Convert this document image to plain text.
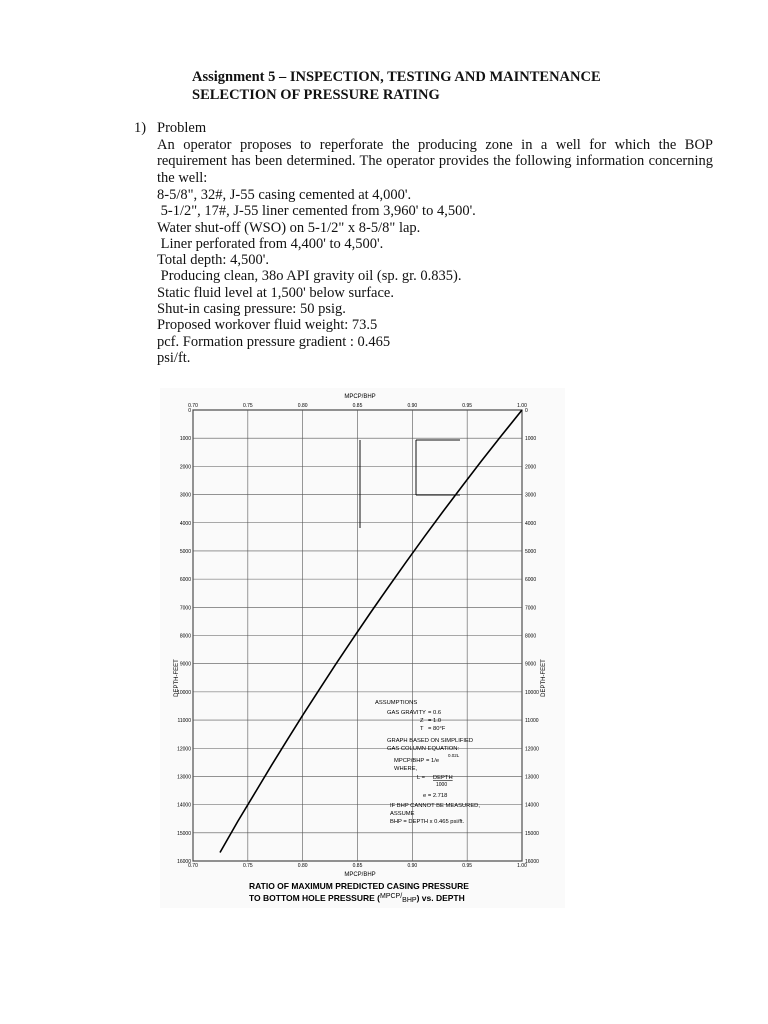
Assignment 5 – INSPECTION, TESTING AND MAINTENANCE
SELECTION OF PRESSURE RATING
1) Problem
An operator proposes to reperforate the producing zone in a well for which the BOP requirement has been determined. The operator provides the following information concerning the well:
8-5/8", 32#, J-55 casing cemented at 4,000'.
5-1/2", 17#, J-55 liner cemented from 3,960' to 4,500'.
Water shut-off (WSO) on 5-1/2" x 8-5/8" lap.
Liner perforated from 4,400' to 4,500'.
Total depth: 4,500'.
Producing clean, 38o API gravity oil (sp. gr. 0.835).
Static fluid level at 1,500' below surface.
Shut-in casing pressure: 50 psig.
Proposed workover fluid weight: 73.5
pcf. Formation pressure gradient : 0.465
psi/ft.
0.70
0.70
0.75
0.75
0.80
0.80
0.85
0.85
0.90
0.90
0.95
0.95
1.00
1.00
0	0
1000	1000
2000	2000
3000	3000
4000	4000
5000	5000
6000	6000
7000	7000
8000	8000
9000	9000
10000	10000
11000	11000
12000	12000
13000	13000
14000	14000
15000	15000
16000	16000
MPCP/BHP
MPCP/BHP
DEPTH-FEET	DEPTH-FEET
ASSUMPTIONS
GAS GRAVITY = 0.6
Z = 1.0
T = 80°F
GRAPH BASED ON SIMPLIFIED
GAS COLUMN EQUATION:
0.02L
MPCP/BHP = 1/e
WHERE,
L = DEPTH
1000
e = 2.718
IF BHP CANNOT BE MEASURED,
ASSUME
BHP = DEPTH x 0.465 psi/ft.
RATIO OF MAXIMUM PREDICTED CASING PRESSURE
TO BOTTOM HOLE PRESSURE $(^{MPCP}/_{BHP})$ vs. DEPTH
